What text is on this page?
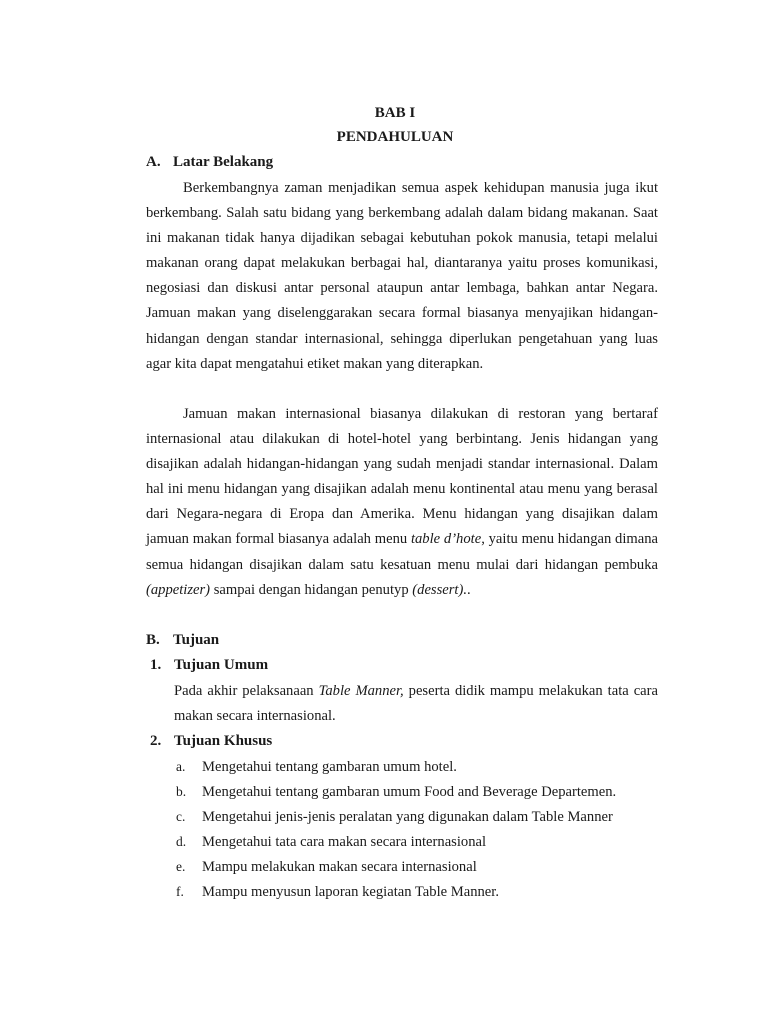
BAB I
PENDAHULUAN
A. Latar Belakang

Berkembangnya zaman menjadikan semua aspek kehidupan manusia juga ikut berkembang. Salah satu bidang yang berkembang adalah dalam bidang makanan. Saat ini makanan tidak hanya dijadikan sebagai kebutuhan pokok manusia, tetapi melalui makanan orang dapat melakukan berbagai hal, diantaranya yaitu proses komunikasi, negosiasi dan diskusi antar personal ataupun antar lembaga, bahkan antar Negara. Jamuan makan yang diselenggarakan secara formal biasanya menyajikan hidangan-hidangan dengan standar internasional, sehingga diperlukan pengetahuan yang luas agar kita dapat mengatahui etiket makan yang diterapkan.

Jamuan makan internasional biasanya dilakukan di restoran yang bertaraf internasional atau dilakukan di hotel-hotel yang berbintang. Jenis hidangan yang disajikan adalah hidangan-hidangan yang sudah menjadi standar internasional. Dalam hal ini menu hidangan yang disajikan adalah menu kontinental atau menu yang berasal dari Negara-negara di Eropa dan Amerika. Menu hidangan yang disajikan dalam jamuan makan formal biasanya adalah menu table d’hote, yaitu menu hidangan dimana semua hidangan disajikan dalam satu kesatuan menu mulai dari hidangan pembuka (appetizer) sampai dengan hidangan penutyp (dessert)..

B. Tujuan
1. Tujuan Umum

Pada akhir pelaksanaan Table Manner, peserta didik mampu melakukan tata cara makan secara internasional.

2. Tujuan Khusus
a. Mengetahui tentang gambaran umum hotel.
b. Mengetahui tentang gambaran umum Food and Beverage Departemen.
c. Mengetahui jenis-jenis peralatan yang digunakan dalam Table Manner
d. Mengetahui tata cara makan secara internasional
e. Mampu melakukan makan secara internasional
f. Mampu menyusun laporan kegiatan Table Manner.
